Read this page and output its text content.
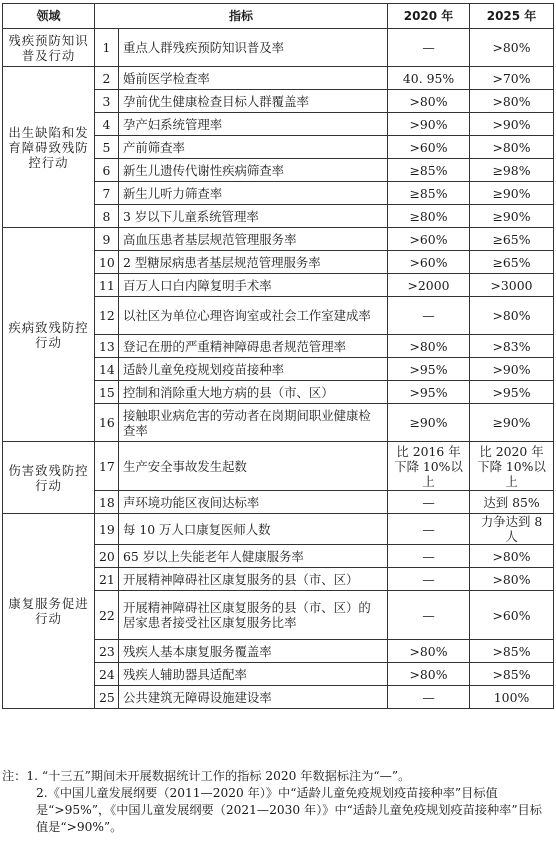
领域	指标		2020 年	2025 年
残疾预防知识普及行动	1	重点人群残疾预防知识普及率	—	>80%
出生缺陷和发育障碍致残防控行动	2	婚前医学检查率	40. 95%	>70%
	3	孕前优生健康检查目标人群覆盖率	>80%	>80%
	4	孕产妇系统管理率	>90%	>90%
	5	产前筛查率	>60%	>80%
	6	新生儿遗传代谢性疾病筛查率	≥85%	≥98%
	7	新生儿听力筛查率	≥85%	≥90%
	8	3 岁以下儿童系统管理率	≥80%	≥90%
疾病致残防控行动	9	高血压患者基层规范管理服务率	>60%	≥65%
	10	2 型糖尿病患者基层规范管理服务率	>60%	≥65%
	11	百万人口白内障复明手术率	>2000	>3000
	12	以社区为单位心理咨询室或社会工作室建成率	—	>80%
	13	登记在册的严重精神障碍患者规范管理率	>80%	>83%
	14	适龄儿童免疫规划疫苗接种率	>95%	>90%
	15	控制和消除重大地方病的县（市、区）	>95%	>95%
	16	接触职业病危害的劳动者在岗期间职业健康检查率	≥90%	≥90%
伤害致残防控行动	17	生产安全事故发生起数	比 2016 年下降 10%以上	比 2020 年下降 10%以上
	18	声环境功能区夜间达标率	—	达到 85%
康复服务促进行动	19	每 10 万人口康复医师人数	—	力争达到 8 人
	20	65 岁以上失能老年人健康服务率	—	>80%
	21	开展精神障碍社区康复服务的县（市、区）	—	>80%
	22	开展精神障碍社区康复服务的县（市、区）的居家患者接受社区康复服务比率	—	>60%
	23	残疾人基本康复服务覆盖率	>80%	>85%
	24	残疾人辅助器具适配率	>80%	>85%
	25	公共建筑无障碍设施建设率	—	100%
注：1. “十三五”期间未开展数据统计工作的指标 2020 年数据标注为“—”。
2.《中国儿童发展纲要（2011—2020 年）》中“适龄儿童免疫规划疫苗接种率”目标值是“>95%”，《中国儿童发展纲要（2021—2030 年）》中“适龄儿童免疫规划疫苗接种率”目标值是“>90%”。
